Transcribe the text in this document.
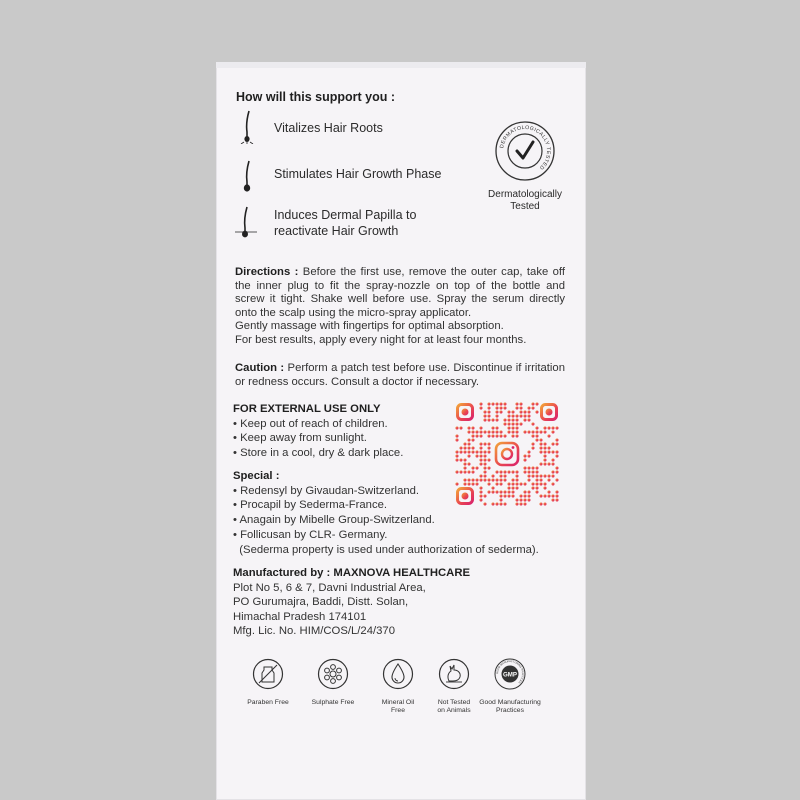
How will this support you :
Vitalizes Hair Roots
Stimulates Hair Growth Phase
Induces Dermal Papilla to
reactivate Hair Growth
DERMATOLOGICALLY TESTED
Dermatologically
Tested
Directions : Before the first use, remove the outer cap, take off the inner plug to fit the spray-nozzle on top of the bottle and screw it tight. Shake well before use. Spray the serum directly onto the scalp using the micro-spray applicator.
Gently massage with fingertips for optimal absorption.
For best results, apply every night for at least four months.
Caution : Perform a patch test before use. Discontinue if irritation or redness occurs. Consult a doctor if necessary.
FOR EXTERNAL USE ONLY
• Keep out of reach of children.
• Keep away from sunlight.
• Store in a cool, dry & dark place.
Special :
• Redensyl by Givaudan-Switzerland.
• Procapil by Sederma-France.
• Anagain by Mibelle Group-Switzerland.
• Follicusan by CLR- Germany.
(Sederma property is used under authorization of sederma).
Manufactured by : MAXNOVA HEALTHCARE
Plot No 5, 6 & 7, Davni Industrial Area,
PO Gurumajra, Baddi, Distt. Solan,
Himachal Pradesh 174101
Mfg. Lic. No. HIM/COS/L/24/370
Paraben Free	Sulphate Free	Mineral Oil
Free
Not Tested
on Animals
GOOD MANUFACTURING PRACTICES
GMP
Good Manufacturing
Practices
